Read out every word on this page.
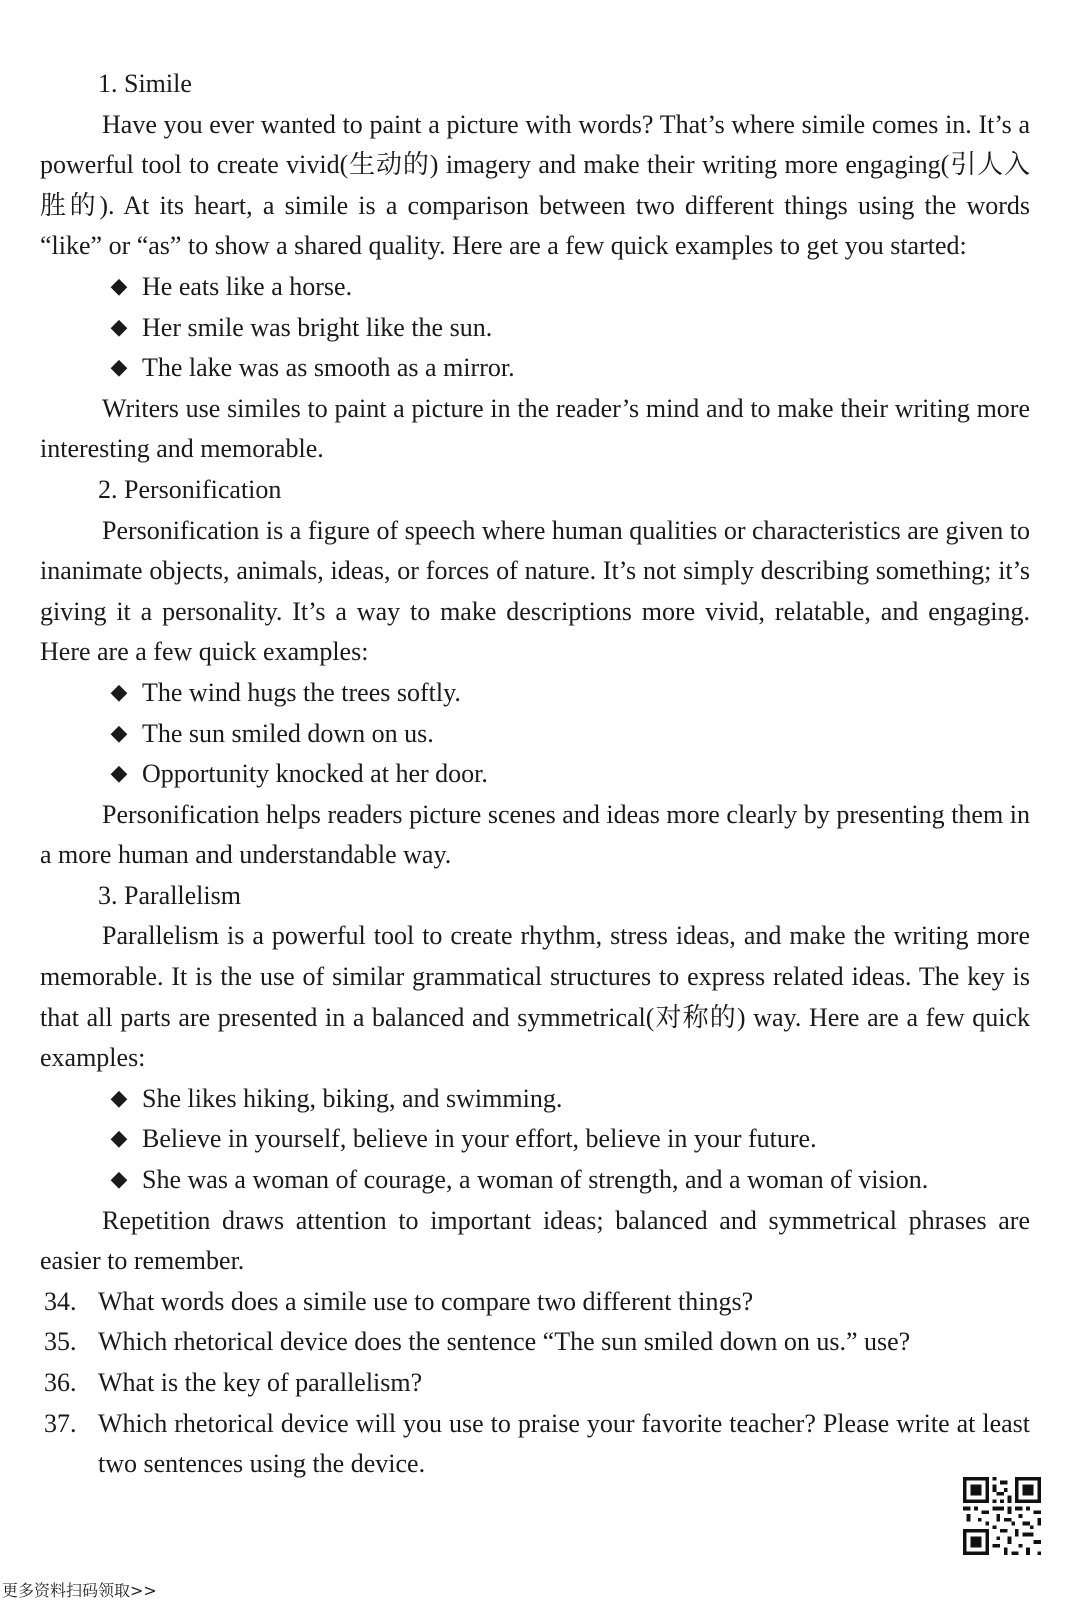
1. Simile

Have you ever wanted to paint a picture with words? That’s where simile comes in. It’s a powerful tool to create vivid(生动的) imagery and make their writing more engaging(引人入胜的). At its heart, a simile is a comparison between two different things using the words “like” or “as” to show a shared quality. Here are a few quick examples to get you started:

◆ He eats like a horse.
◆ Her smile was bright like the sun.
◆ The lake was as smooth as a mirror.

Writers use similes to paint a picture in the reader’s mind and to make their writing more interesting and memorable.

2. Personification

Personification is a figure of speech where human qualities or characteristics are given to inanimate objects, animals, ideas, or forces of nature. It’s not simply describing something; it’s giving it a personality. It’s a way to make descriptions more vivid, relatable, and engaging. Here are a few quick examples:

◆ The wind hugs the trees softly.
◆ The sun smiled down on us.
◆ Opportunity knocked at her door.

Personification helps readers picture scenes and ideas more clearly by presenting them in a more human and understandable way.

3. Parallelism

Parallelism is a powerful tool to create rhythm, stress ideas, and make the writing more memorable. It is the use of similar grammatical structures to express related ideas. The key is that all parts are presented in a balanced and symmetrical(对称的) way. Here are a few quick examples:

◆ She likes hiking, biking, and swimming.
◆ Believe in yourself, believe in your effort, believe in your future.
◆ She was a woman of courage, a woman of strength, and a woman of vision.

Repetition draws attention to important ideas; balanced and symmetrical phrases are easier to remember.

34. What words does a simile use to compare two different things?
35. Which rhetorical device does the sentence “The sun smiled down on us.” use?
36. What is the key of parallelism?
37. Which rhetorical device will you use to praise your favorite teacher? Please write at least two sentences using the device.
更多资料扫码领取>>
